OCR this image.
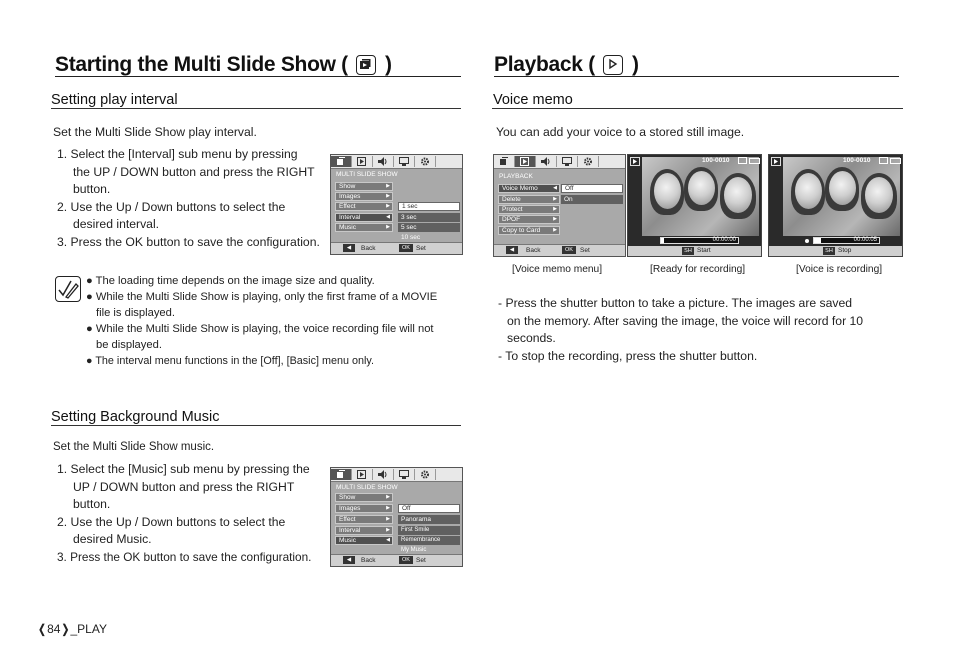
Starting the Multi Slide Show ( )
Setting play interval
Set the Multi Slide Show play interval.
1. Select the [Interval] sub menu by pressing
the UP / DOWN button and press the RIGHT
button.
2. Use the Up / Down buttons to select the
desired interval.
3. Press the OK button to save the configuration.
MULTI SLIDE SHOW
Show	▶
Images	▶
Effect	▶
Interval	◀
Music	▶
1 sec
3 sec
5 sec
10 sec
◀	Back	OK Set
● The loading time depends on the image size and quality.
● While the Multi Slide Show is playing, only the first frame of a MOVIE
file is displayed.
● While the Multi Slide Show is playing, the voice recording file will not
be displayed.
● The interval menu functions in the [Off], [Basic] menu only.
Setting Background Music
Set the Multi Slide Show music.
1. Select the [Music] sub menu by pressing the
UP / DOWN button and press the RIGHT
button.
2. Use the Up / Down buttons to select the
desired Music.
3. Press the OK button to save the configuration.
MULTI SLIDE SHOW
Show	▶
Images	▶
Effect	▶
Interval	▶
Music	◀
Off
Panorama
First Smile
Remembrance
My Music
◀	Back	OK Set
❬84❭_PLAY
Playback ( )
Voice memo
You can add your voice to a stored still image.
PLAYBACK
Voice Memo	◀
Delete	▶
Protect	▶
DPOF	▶
Copy to Card	▶
Off
On
◀	Back	OK	Set
100-0010
00:00:00
SH Start
100-0010
00:00:05
SH Stop
[Voice memo menu]	[Ready for recording]	[Voice is recording]
- Press the shutter button to take a picture. The images are saved
on the memory. After saving the image, the voice will record for 10
seconds.
- To stop the recording, press the shutter button.
